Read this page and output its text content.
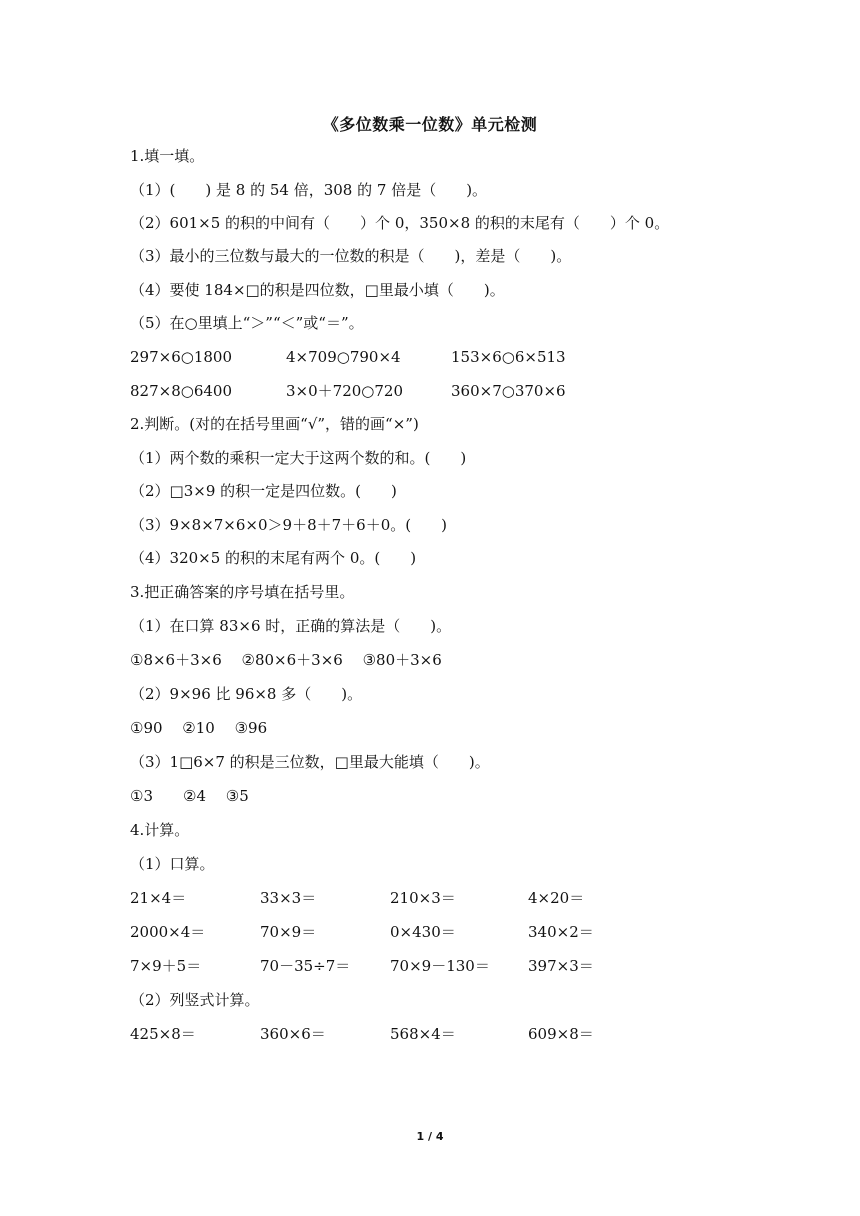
《多位数乘一位数》单元检测
1.填一填。
（1）(　　) 是 8 的 54 倍，308 的 7 倍是（　　)。
（2）601×5 的积的中间有（　　）个 0，350×8 的积的末尾有（　　）个 0。
（3）最小的三位数与最大的一位数的积是（　　)，差是（　　)。
（4）要使 184×□的积是四位数，□里最小填（　　)。
（5）在○里填上“＞”“＜”或“＝”。
297×6○1800	4×709○790×4	153×6○6×513
827×8○6400	3×0＋720○720	360×7○370×6
2.判断。(对的在括号里画“√”，错的画“×”)
（1）两个数的乘积一定大于这两个数的和。(　　)
（2）□3×9 的积一定是四位数。(　　)
（3）9×8×7×6×0＞9＋8＋7＋6＋0。(　　)
（4）320×5 的积的末尾有两个 0。(　　)
3.把正确答案的序号填在括号里。
（1）在口算 83×6 时，正确的算法是（　　)。
①8×6＋3×6　 ②80×6＋3×6　 ③80＋3×6
（2）9×96 比 96×8 多（　　)。
①90　 ②10　 ③96
（3）1□6×7 的积是三位数，□里最大能填（　　)。
①3　　②4　 ③5
4.计算。
（1）口算。
21×4＝	33×3＝	210×3＝	4×20＝
2000×4＝	70×9＝	0×430＝	340×2＝
7×9＋5＝	70－35÷7＝	70×9－130＝	397×3＝
（2）列竖式计算。
425×8＝	360×6＝	568×4＝	609×8＝
1 / 4
